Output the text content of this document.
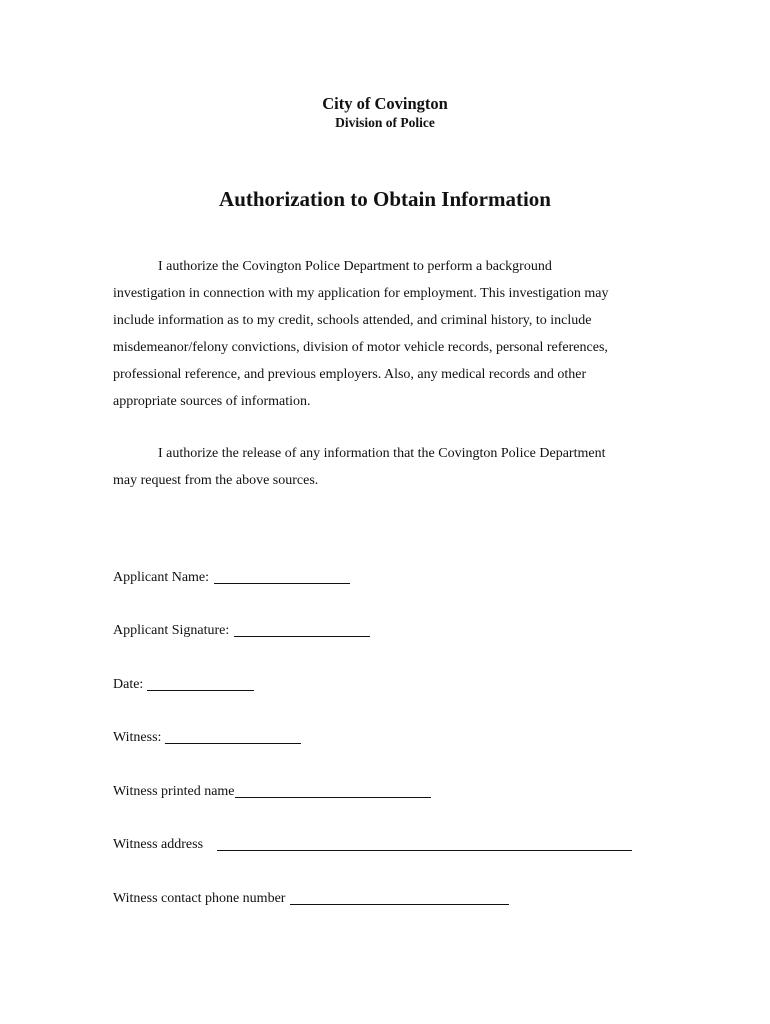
City of Covington
Division of Police
Authorization to Obtain Information
I authorize the Covington Police Department to perform a background
investigation in connection with my application for employment. This investigation may
include information as to my credit, schools attended, and criminal history, to include
misdemeanor/felony convictions, division of motor vehicle records, personal references,
professional reference, and previous employers. Also, any medical records and other
appropriate sources of information.
I authorize the release of any information that the Covington Police Department
may request from the above sources.
Applicant Name:
Applicant Signature:
Date:
Witness:
Witness printed name
Witness address
Witness contact phone number
